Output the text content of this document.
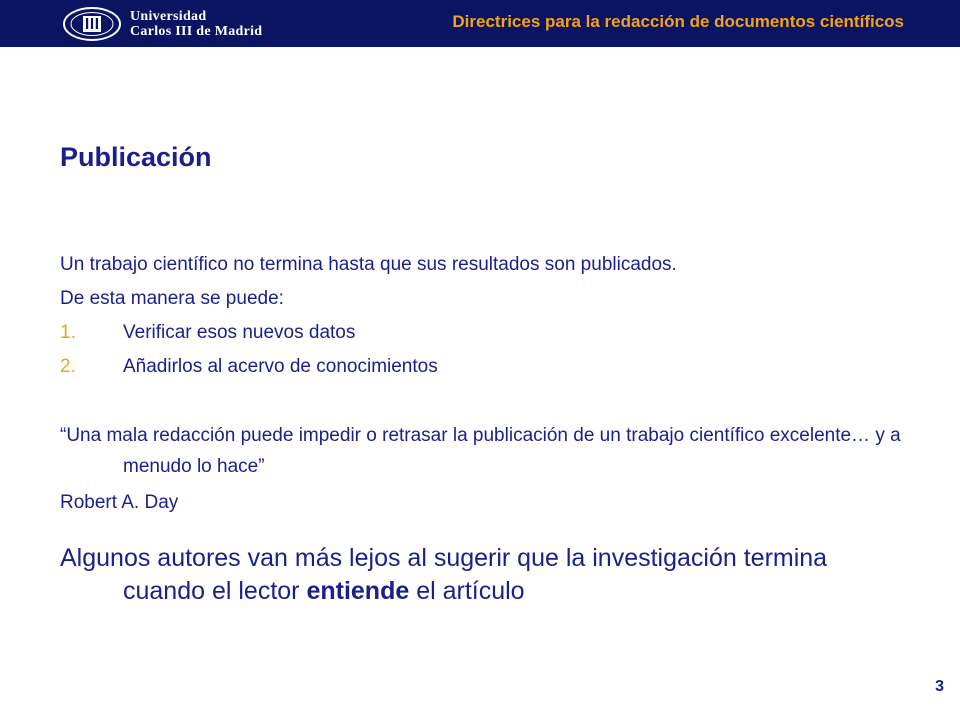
Universidad
Carlos III de Madrid
Directrices para la redacción de documentos científicos
Publicación
Un trabajo científico no termina hasta que sus resultados son publicados.
De esta manera se puede:
1.	Verificar esos nuevos datos
2.	Añadirlos al acervo de conocimientos
“Una mala redacción puede impedir o retrasar la publicación de un trabajo científico excelente… y a menudo lo hace”
Robert A. Day
Algunos autores van más lejos al sugerir que la investigación termina cuando el lector entiende el artículo
3
